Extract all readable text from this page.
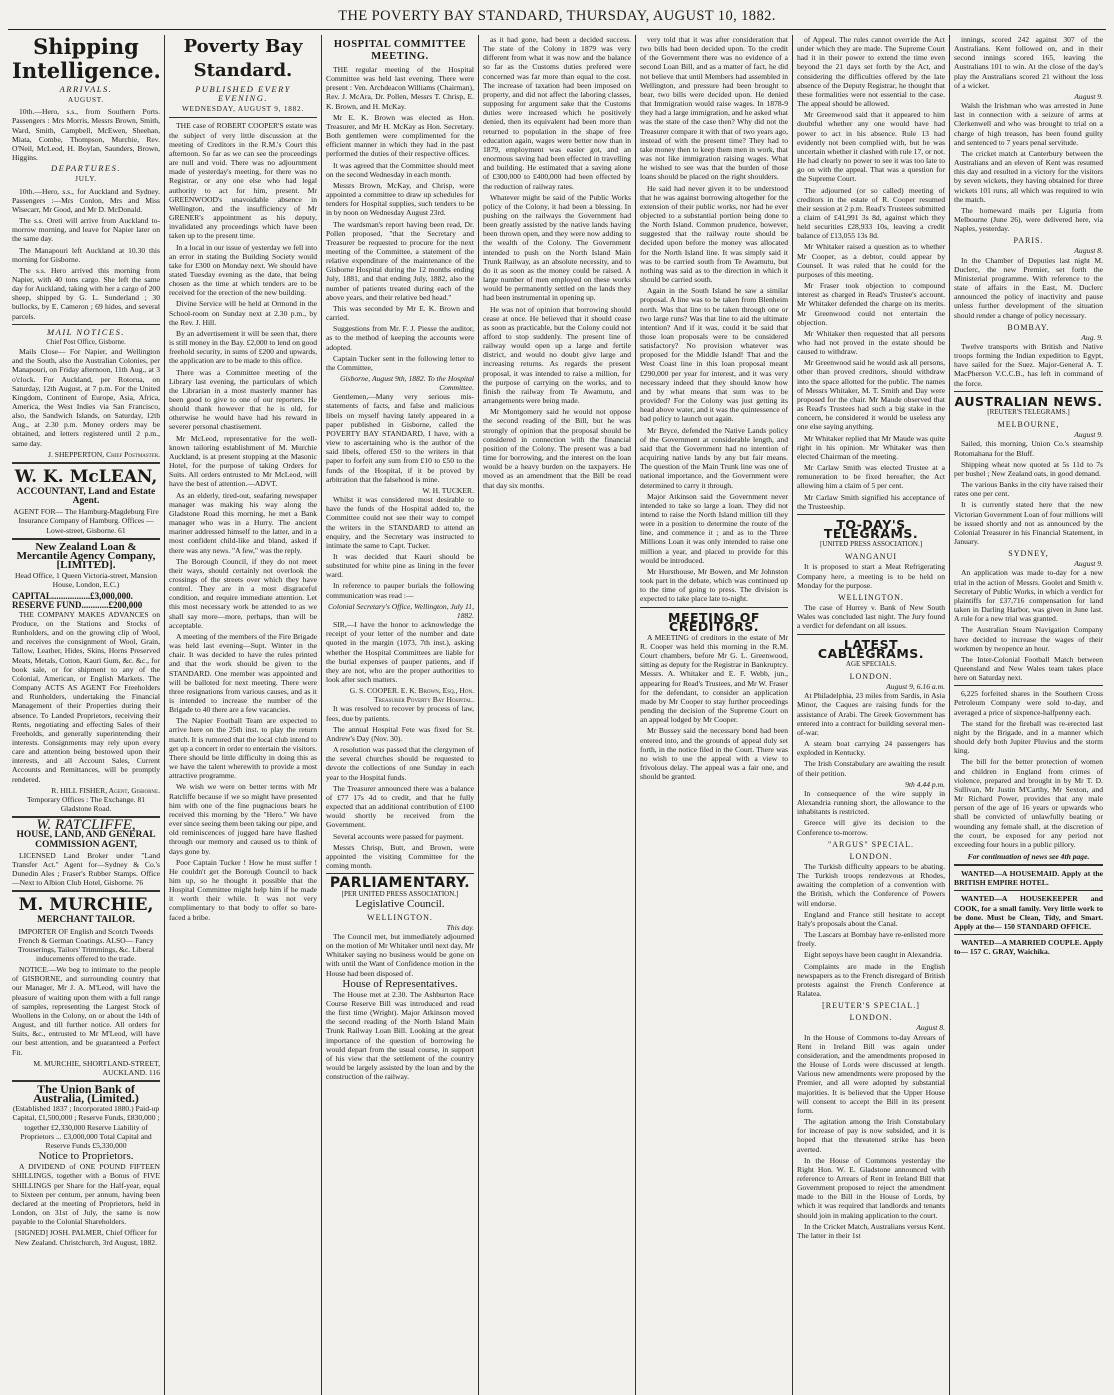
THE POVERTY BAY STANDARD, THURSDAY, AUGUST 10, 1882.
Shipping Intelligence.
ARRIVALS.
AUGUST.

10th.—Hero, s.s., from Southern Ports. Passengers : Mrs Morris, Messrs Brown, Smith, Ward, Smith, Campbell, McEwen, Sheehan, Miata, Combe, Thompson, Murchie, Rev. O'Neil, McLeod, H. Boylan, Saunders, Brown, Higgins.

DEPARTURES.
JULY.

10th.—Hero, s.s., for Auckland and Sydney. Passengers :—Mrs Conlon, Mrs and Miss Wisecarr, Mr Good, and Mr D. McDonald.

The s.s. Oreti will arrive from Auckland to-morrow morning, and leave for Napier later on the same day.

The Manapouri left Auckland at 10.30 this morning for Gisborne.

The s.s. Hero arrived this morning from Napier, with 40 tons cargo. She left the same day for Auckland, taking with her a cargo of 200 sheep, shipped by G. L. Sunderland ; 30 bullocks, by E. Cameron ; 69 hides, and several parcels.

MAIL NOTICES.
Chief Post Office, Gisborne.

Mails Close— For Napier, and Wellington and the South, also the Australian Colonies, per Manapouri, on Friday afternoon, 11th Aug., at 3 o'clock. For Auckland, per Rotorua, on Saturday, 12th August, at 7 p.m. For the United Kingdom, Continent of Europe, Asia, Africa, America, the West Indies via San Francisco, also, the Sandwich Islands, on Saturday, 12th Aug., at 2.30 p.m. Money orders may be obtained, and letters registered until 2 p.m., same day.

J. SHEPPERTON, Chief Postmaster.
W. K. McLEAN,
ACCOUNTANT, Land and Estate Agent.

AGENT FOR— The Hamburg-Magdeburg Fire Insurance Company of Hamburg. Offices — Lowe-street, Gisborne. 61

New Zealand Loan & Mercantile Agency Company, [LIMITED].

Head Office, 1 Queen Victoria-street, Mansion House, London, E.C.)

CAPITAL.................£3,000,000.
RESERVE FUND............£200,000

THE COMPANY MAKES ADVANCES on Produce, on the Stations and Stocks of Runholders, and on the growing clip of Wool, and receives the consignment of Wool, Grain, Tallow, Leather, Hides, Skins, Horns Preserved Meats, Metals, Cotton, Kauri Gum, &c. &c., for book sale, or for shipment to any of the Colonial, American, or English Markets. The Company ACTS AS AGENT For Freeholders and Runholders, undertaking the Financial Management of their Properties during their absence. To Landed Proprietors, receiving their Rents, negotiating and effecting Sales of their Freeholds, and generally superintending their interests. Consignments may rely upon every care and attention being bestowed upon their interests, and all Account Sales, Current Accounts and Remittances, will be promptly rendered.

R. HILL FISHER, Agent, Gisborne.

Temporary Offices : The Exchange. 81 Gladstone Road.

W. RATCLIFFE,
HOUSE, LAND, AND GENERAL COMMISSION AGENT,

LICENSED Land Broker under "Land Transfer Act." Agent for—Sydney & Co.'s Dunedin Ales ; Fraser's Rubber Stamps. Office—Next to Albion Club Hotel, Gisborne. 76

M. MURCHIE,
MERCHANT TAILOR.

IMPORTER OF English and Scotch Tweeds French & German Coatings. ALSO— Fancy Trouserings, Tailors' Trimmings, &c. Liberal inducements offered to the trade.

NOTICE.—We beg to intimate to the people of GISBORNE, and surrounding country that our Manager, Mr J. A. M'Leod, will have the pleasure of waiting upon them with a full range of samples, representing the Largest Stock of Woollens in the Colony, on or about the 14th of August, and till further notice. All orders for Suits, &c., entrusted to Mr M'Leod, will have our best attention, and be guaranteed a Perfect Fit.

M. MURCHIE, SHORTLAND-STREET, AUCKLAND. 116
The Union Bank of Australia, (Limited.)

(Established 1837 ; Incorporated 1880.) Paid-up Capital, £1,500,000 ; Reserve Funds, £830,000 ; together £2,330,000 Reserve Liability of Proprietors ... £3,000,000 Total Capital and Reserve Funds £5,330,000

Notice to Proprietors.

A DIVIDEND of ONE POUND FIFTEEN SHILLINGS, together with a Bonus of FIVE SHILLINGS per Share for the Half-year, equal to Sixteen per centum, per annum, having been declared at the meeting of Proprietors, held in London, on 31st of July, the same is now payable to the Colonial Shareholders.

[SIGNED] JOSH. PALMER, Chief Officer for New Zealand. Christchurch, 3rd August, 1882.

Poverty Bay Standard.
PUBLISHED EVERY EVENING.
WEDNESDAY, AUGUST 9, 1882.

THE case of ROBERT COOPER'S estate was the subject of very little discussion at the meeting of Creditors in the R.M.'s Court this afternoon. So far as we can see the proceedings are null and void. There was no adjournment made of yesterday's meeting, for there was no Registrar, or any one else who had legal authority to act for him, present. Mr GREENWOOD's unavoidable absence in Wellington, and the insufficiency of Mr GRENER's appointment as his deputy, invalidated any proceedings which have been taken up to the present time.

In a local in our issue of yesterday we fell into an error in stating the Building Society would take for £300 on Monday next. We should have stated Tuesday evening as the date, that being chosen as the time at which tenders are to be received for the erection of the new building.

Divine Service will be held at Ormond in the School-room on Sunday next at 2.30 p.m., by the Rev. J. Hill.

By an advertisement it will be seen that, there is still money in the Bay. £2,000 to lend on good freehold security, in sums of £200 and upwards, the application are to be made to this office.

There was a Committee meeting of the Library last evening, the particulars of which the Librarian in a most masterly manner has been good to give to one of our reporters. He should thank however that he is old, for otherwise he would have had his reward in severer personal chastisement.

Mr McLeod, representative for the well-known tailoring establishment of M. Murchie Auckland, is at present stopping at the Masonic Hotel, for the purpose of taking Orders for Suits. All orders entrusted to Mr McLeod, will have the best of attention.—ADVT.

As an elderly, tired-out, seafaring newspaper manager was making his way along the Gladstone Road this morning, he met a Bank manager who was in a Hurry. The ancient mariner addressed himself to the latter, and in a most confident child-like and bland, asked if there was any news. "A few," was the reply.

The Borough Council, if they do not meet their ways, should certainly not overlook the crossings of the streets over which they have control. They are in a most disgraceful condition, and require immediate attention. Let this most necessary work be attended to as we shall say more—more, perhaps, than will be acceptable.

A meeting of the members of the Fire Brigade was held last evening—Supt. Winter in the chair. It was decided to have the rules printed and that the work should be given to the STANDARD. One member was appointed and will be balloted for next meeting. There were three resignations from various causes, and as it is intended to increase the number of the Brigade to 40 there are a few vacancies.

The Napier Football Team are expected to arrive here on the 25th inst. to play the return match. It is rumored that the local club intend to get up a concert in order to entertain the visitors. There should be little difficulty in doing this as we have the talent wherewith to provide a most attractive programme.

We wish we were on better terms with Mr Ratcliffe because if we so might have presented him with one of the fine pugnacious bears he received this morning by the "Hero." We have ever since seeing them been taking our pipe, and old reminiscences of jugged hare have flashed through our memory and caused us to think of days gone by.

Poor Captain Tucker ! How he must suffer ! He couldn't get the Borough Council to back him up, so he thought it possible that the Hospital Committee might help him if he made it worth their while. It was not very complimentary to that body to offer so bare-faced a bribe.

HOSPITAL COMMITTEE MEETING.

THE regular meeting of the Hospital Committee was held last evening. There were present : Ven. Archdeacon Williams (Chairman), Rev. J. McAra, Dr. Pollen, Messrs T. Chrisp, E. K. Brown, and H. McKay.

Mr E. K. Brown was elected as Hon. Treasurer, and Mr H. McKay as Hon. Secretary. Both gentlemen were complimented for the efficient manner in which they had in the past performed the duties of their respective offices.

It was agreed that the Committee should meet on the second Wednesday in each month.

Messrs Brown, McKay, and Chrisp, were appointed a committee to draw up schedules for tenders for Hospital supplies, such tenders to be in by noon on Wednesday August 23rd.

The wardsman's report having been read, Dr. Pollen proposed, "that the Secretary and Treasurer be requested to procure for the next meeting of the Committee, a statement of the relative expenditure of the maintenance of the Gisborne Hospital during the 12 months ending July, 1881, and that ending July, 1882, also the number of patients treated during each of the above years, and their relative bed head."

This was seconded by Mr E. K. Brown and carried.

Suggestions from Mr. F. J. Piesse the auditor, as to the method of keeping the accounts were adopted.

Captain Tucker sent in the following letter to the Committee,

Gisborne, August 9th, 1882. To the Hospital Committee.

Gentlemen,—Many very serious mis-statements of facts, and false and malicious libels on myself having lately appeared in a paper published in Gisborne, called the POVERTY BAY STANDARD, I have, with a view to ascertaining who is the author of the said libels, offered £50 to the writers in that paper to forfeit any sum from £10 to £50 to the funds of the Hospital, if it be proved by arbitration that the falsehood is mine.

W. H. TUCKER.

Whilst it was considered most desirable to have the funds of the Hospital added to, the Committee could not see their way to compel the writers in the STANDARD to attend an enquiry, and the Secretary was instructed to intimate the same to Capt. Tucker.

It was decided that Kauri should be substituted for white pine as lining in the fever ward.

In reference to pauper burials the following communication was read :—

Colonial Secretary's Office, Wellington, July 11, 1882.

SIR,—I have the honor to acknowledge the receipt of your letter of the number and date quoted in the margin (1073, 7th inst.), asking whether the Hospital Committees are liable for the burial expenses of pauper patients, and if they are not, who are the proper authorities to look after such matters.

G. S. COOPER. E. K. Brown, Esq., Hon. Treasurer Poverty Bay Hospital.

It was resolved to recover by process of law, fees, due by patients.

The annual Hospital Fete was fixed for St. Andrew's Day (Nov. 30).

A resolution was passed that the clergymen of the several churches should be requested to devote the collections of one Sunday in each year to the Hospital funds.

The Treasurer announced there was a balance of £77 17s 4d to credit, and that he fully expected that an additional contribution of £100 would shortly be received from the Government.

Several accounts were passed for payment.

Messrs Chrisp, Butt, and Brown, were appointed the visiting Committee for the coming month.

PARLIAMENTARY.
[PER UNITED PRESS ASSOCIATION.]
Legislative Council.
WELLINGTON.
This day.

The Council met, but immediately adjourned on the motion of Mr Whitaker until next day, Mr Whitaker saying no business would be gone on with until the Want of Confidence motion in the House had been disposed of.

House of Representatives.

The House met at 2.30. The Ashburton Race Course Reserve Bill was introduced and read the first time (Wright). Major Atkinson moved the second reading of the North Island Main Trunk Railway Loan Bill. Looking at the great importance of the question of borrowing he would depart from the usual course, in support of his view that the settlement of the country would be largely assisted by the loan and by the construction of the railway.

as it had gone, had been a decided success. The state of the Colony in 1879 was very different from what it was now and the balance so far as the Customs duties prefered were concerned was far more than equal to the cost. The increase of taxation had been imposed on property, and did not affect the laboring classes, supposing for argument sake that the Customs duties were increased which he positively denied, then its equivalent had been more than returned to population in the shape of free education again, wages were better now than in 1879, employment was easier got, and an enormous saving had been effected in travelling and building. He estimated that a saving alone of £300,000 to £400,000 had been effected by the reduction of railway rates.

Whatever might be said of the Public Works policy of the Colony, it had been a blessing. In pushing on the railways the Government had been greatly assisted by the native lands having been thrown open, and they were now adding to the wealth of the Colony. The Government intended to push on the North Island Main Trunk Railway, as an absolute necessity, and to do it as soon as the money could be raised. A large number of men employed on these works would be permanently settled on the lands they had been instrumental in opening up.

He was not of opinion that borrowing should cease at once. He believed that it should cease as soon as practicable, but the Colony could not afford to stop suddenly. The present line of railway would open up a large and fertile district, and would no doubt give large and increasing returns. As regards the present proposal, it was intended to raise a million, for the purpose of carrying on the works, and to finish the railway from Te Awamutu, and arrangements were being made.

Mr Montgomery said he would not oppose the second reading of the Bill, but he was strongly of opinion that the proposal should be considered in connection with the financial position of the Colony. The present was a bad time for borrowing, and the interest on the loan would be a heavy burden on the taxpayers. He moved as an amendment that the Bill be read that day six months.

very told that it was after consideration that two bills had been decided upon. To the credit of the Government there was no evidence of a second Loan Bill, and as a matter of fact, he did not believe that until Members had assembled in Wellington, and pressure had been brought to bear, two bills were decided upon. He denied that Immigration would raise wages. In 1878-9 they had a large immigration, and he asked what was the state of the case then? Why did not the Treasurer compare it with that of two years ago, instead of with the present time? They had to take money then to keep them men in work, that was not like immigration raising wages. What he wished to see was that the burden of those loans should be placed on the right shoulders.

He said had never given it to be understood that he was against borrowing altogether for the extension of their public works, nor had he ever objected to a substantial portion being done to the North Island. Common prudence, however, suggested that the railway route should be decided upon before the money was allocated for the North Island line. It was simply said it was to be carried south from Te Awamutu, but nothing was said as to the direction in which it should be carried south.

Again in the South Island he saw a similar proposal. A line was to be taken from Blenheim north. Was that line to be taken through one or two large runs? Was that line to aid the ultimate intention? And if it was, could it be said that those loan proposals were to be considered satisfactory? No provision whatever was proposed for the Middle Island! That and the West Coast line in this loan proposal meant £290,000 per year for interest, and it was very necessary indeed that they should know how and by what means that sum was to be provided? For the Colony was just getting its head above water, and it was the quintessence of bad policy to launch out again.

Mr Bryce, defended the Native Lands policy of the Government at considerable length, and said that the Government had no intention of acquiring native lands by any but fair means. The question of the Main Trunk line was one of national importance, and the Government were determined to carry it through.

Major Atkinson said the Government never intended to take so large a loan. They did not intend to raise the North Island million till they were in a position to determine the route of the line, and commence it ; and as to the Three Millions Loan it was only intended to raise one million a year, and placed to provide for this would be introduced.

Mr Hursthouse, Mr Bowen, and Mr Johnston took part in the debate, which was continued up to the time of going to press. The division is expected to take place late to-night.

MEETING OF CREDITORS.

A MEETING of creditors in the estate of Mr R. Cooper was held this morning in the R.M. Court chambers, before Mr G. L. Greenwood, sitting as deputy for the Registrar in Bankruptcy. Messrs. A. Whitaker and E. F. Webb, jun., appearing for Read's Trustees, and Mr W. Fraser for the defendant, to consider an application made by Mr Cooper to stay further proceedings pending the decision of the Supreme Court on an appeal lodged by Mr Cooper.

Mr Bussey said the necessary bond had been entered into, and the grounds of appeal duly set forth, in the notice filed in the Court. There was no wish to use the appeal with a view to frivolous delay. The appeal was a fair one, and should be granted.

of Appeal. The rules cannot override the Act under which they are made. The Supreme Court had it in their power to extend the time even beyond the 21 days set forth by the Act, and considering the difficulties offered by the late absence of the Deputy Registrar, he thought that these formalities were not essential to the case. The appeal should be allowed.

Mr Greenwood said that it appeared to him doubtful whether any one would have had power to act in his absence. Rule 13 had evidently not been complied with, but he was uncertain whether it clashed with rule 17, or not. He had clearly no power to see it was too late to go on with the appeal. That was a question for the Supreme Court.

The adjourned (or so called) meeting of creditors in the estate of R. Cooper resumed their session at 2 p.m. Read's Trustees submitted a claim of £41,991 3s 8d, against which they held securities £28,933 10s, leaving a credit balance of £13,055 13s 8d.

Mr Whitaker raised a question as to whether Mr Cooper, as a debtor, could appear by Counsel. It was ruled that he could for the purposes of this meeting.

Mr Fraser took objection to compound interest as charged in Read's Trustee's account. Mr Whitaker defended the charge on its merits. Mr Greenwood could not entertain the objection.

Mr Whitaker then requested that all persons who had not proved in the estate should be caused to withdraw.

Mr Greenwood said he would ask all persons, other than proved creditors, should withdraw into the space allotted for the public. The names of Messrs Whitaker, M. T. Smith and Day were proposed for the chair. Mr Maude observed that as Read's Trustees had such a big stake in the concern, he considered it would be useless any one else saying anything.

Mr Whitaker replied that Mr Maude was quite right in his opinion. Mr Whitaker was then elected Chairman of the meeting.

Mr Carlaw Smith was elected Trustee at a remuneration to be fixed hereafter, the Act allowing him a claim of 5 per cent.

Mr Carlaw Smith signified his acceptance of the Trusteeship.

TO-DAY'S TELEGRAMS.
[UNITED PRESS ASSOCIATION.]
WANGANUI

It is proposed to start a Meat Refrigerating Company here, a meeting is to be held on Monday for the purpose.

WELLINGTON.

The case of Hurrey v. Bank of New South Wales was concluded last night. The Jury found a verdict for defendant on all issues.

LATEST CABLEGRAMS.
AGE SPECIALS.
LONDON.
August 9, 6.16 a.m.

At Philadelphia, 23 miles from Sardis, in Asia Minor, the Caques are raising funds for the assistance of Arabi. The Greek Government has entered into a contract for building several men-of-war.

A steam boat carrying 24 passengers has exploded in Kentucky.

The Irish Constabulary are awaiting the result of their petition.

9th 4.44 p.m.

In consequence of the wire supply in Alexandria running short, the allowance to the inhabitants is restricted.

Greece will give its decision to the Conference to-morrow.

"ARGUS" SPECIAL.
LONDON.

The Turkish difficulty appears to be abating. The Turkish troops rendezvous at Rhodes, awaiting the completion of a convention with the British, which the Conference of Powers will endorse.

England and France still hesitate to accept Italy's proposals about the Canal.

The Lascars at Bombay have re-enlisted more freely.

Eight sepoys have been caught in Alexandria.

Complaints are made in the English newspapers as to the French disregard of British protests against the French Conference at Ralatea.

[REUTER'S SPECIAL.]
LONDON.
August 8.

In the House of Commons to-day Arrears of Rent in Ireland Bill was again under consideration, and the amendments proposed in the House of Lords were discussed at length. Various new amendments were proposed by the Premier, and all were adopted by substantial majorities. It is believed that the Upper House will consent to accept the Bill in its present form.

The agitation among the Irish Constabulary for increase of pay is now subsided, and it is hoped that the threatened strike has been averted.

In the House of Commons yesterday the Right Hon. W. E. Gladstone announced with reference to Arrears of Rent in Ireland Bill that Government proposed to reject the amendment made to the Bill in the House of Lords, by which it was required that landlords and tenants should join in making application to the court.

In the Cricket Match, Australians versus Kent. The latter in their 1st

innings, scored 242 against 307 of the Australians. Kent followed on, and in their second innings scored 165, leaving the Australians 101 to win. At the close of the day's play the Australians scored 21 without the loss of a wicket.

August 9.

Walsh the Irishman who was arrested in June last in connection with a seizure of arms at Clerkenwell and who was brought to trial on a charge of high treason, has been found guilty and sentenced to 7 years penal servitude.

The cricket match at Canterbury between the Australians and an eleven of Kent was resumed this day and resulted in a victory for the visitors by seven wickets, they having obtained for three wickets 101 runs, all which was required to win the match.

The homeward mails per Liguria from Melbourne (June 26), were delivered here, via Naples, yesterday.

PARIS.
August 8.

In the Chamber of Deputies last night M. Duclerc, the new Premier, set forth the Ministerial programme. With reference to the state of affairs in the East, M. Duclerc announced the policy of inactivity and pause unless further development of the situation should render a change of policy necessary.

BOMBAY.
Aug. 9.

Twelve transports with British and Native troops forming the Indian expedition to Egypt, have sailed for the Suez. Major-General A. T. MacPherson V.C.C.B., has left in command of the force.

AUSTRALIAN NEWS.
[REUTER'S TELEGRAMS.]
MELBOURNE,
August 9.

Sailed, this morning, Union Co.'s steamship Rotomahana for the Bluff.

Shipping wheat now quoted at 5s 11d to 7s per bushel ; New Zealand oats, in good demand.

The various Banks in the city have raised their rates one per cent.

It is currently stated here that the new Victorian Government Loan of four millions will be issued shortly and not as announced by the Colonial Treasurer in his Financial Statement, in January.

SYDNEY,
August 9.

An application was made to-day for a new trial in the action of Messrs. Goolet and Smith v. Secretary of Public Works, in which a verdict for plaintiffs for £37,716 compensation for land taken in Darling Harbor, was given in June last. A rule for a new trial was granted.

The Australian Steam Navigation Company have decided to increase the wages of their workmen by twopence an hour.

The Inter-Colonial Football Match between Queensland and New Wales team takes place here on Saturday next.

6,225 forfeited shares in the Southern Cross Petroleum Company were sold to-day, and averaged a price of sixpence-halfpenny each.

The stand for the fireball was re-erected last night by the Brigade, and in a manner which should defy both Jupiter Pluvius and the storm king.

The bill for the better protection of women and children in England from crimes of violence, prepared and brought in by Mr T. D. Sullivan, Mr Justin M'Carthy, Mr Sexton, and Mr Richard Power, provides that any male person of the age of 16 years or upwards who shall be convicted of unlawfully beating or wounding any female shall, at the discretion of the court, be exposed for any period not exceeding four hours in a public pillory.

For continuation of news see 4th page.

WANTED—A HOUSEMAID. Apply at the BRITISH EMPIRE HOTEL.

WANTED—A HOUSEKEEPER and COOK, for a small family. Very little work to be done. Must be Clean, Tidy, and Smart. Apply at the— 150 STANDARD OFFICE.

WANTED—A MARRIED COUPLE. Apply to— 157 C. GRAY, Waichika.
